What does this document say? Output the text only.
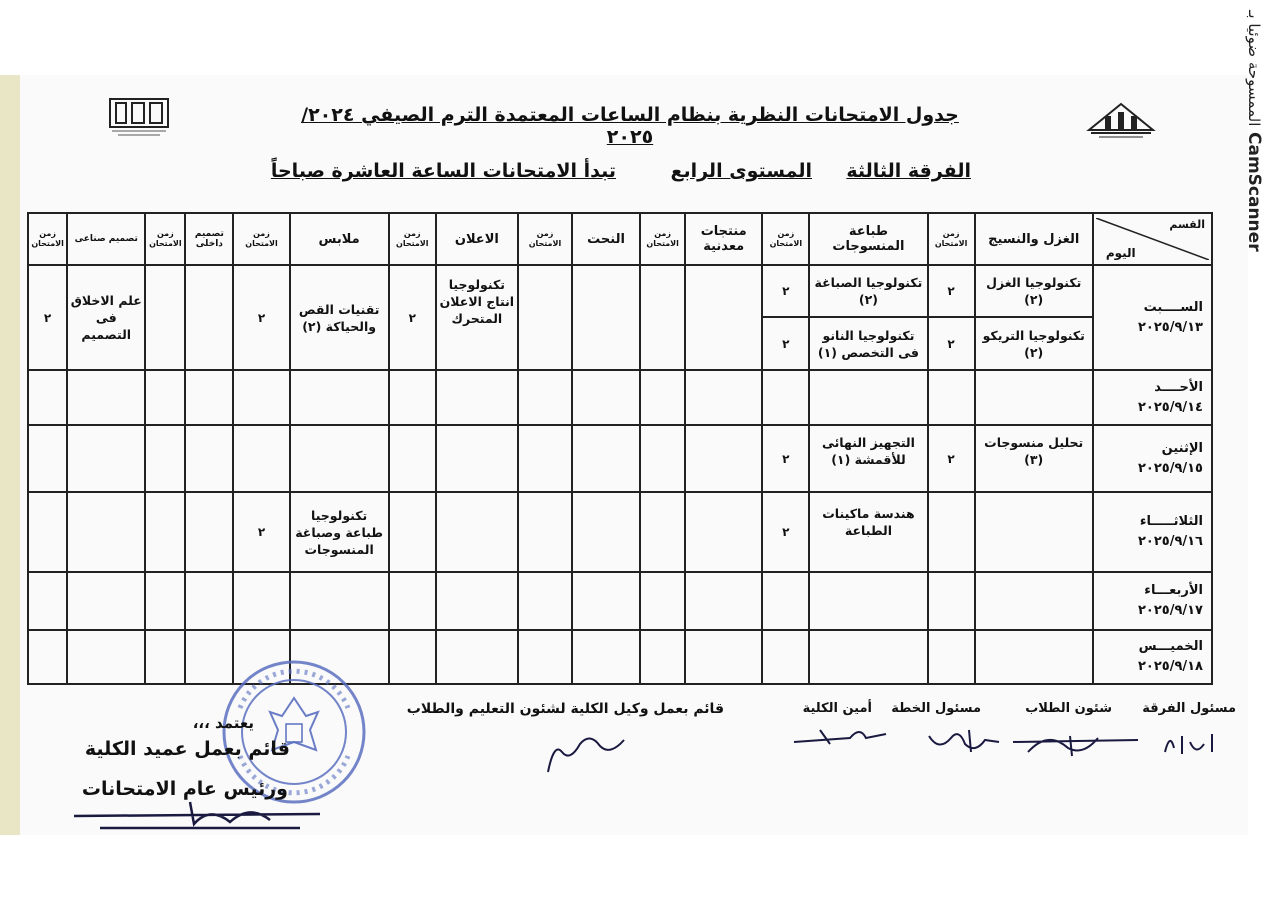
الممسوحة ضوئيا بـ
CamScanner
جدول الامتحانات النظرية بنظام الساعات المعتمدة الترم الصيفي ٢٠٢٤/ ٢٠٢٥
الفرقة الثالثة
المستوى الرابع
تبدأ الامتحانات الساعة العاشرة صباحاً
القسم
اليوم	الغزل والنسيج	زمن الامتحان	طباعة المنسوجات	زمن الامتحان	منتجات معدنية	زمن الامتحان	النحت	زمن الامتحان	الاعلان	زمن الامتحان	ملابس	زمن الامتحان	تصميم داخلى	زمن الامتحان	تصميم صناعى	زمن الامتحان

الســــبت
٢٠٢٥/٩/١٣	تكنولوجيا الغزل (٢)	٢	تكنولوجيا الصباغة (٢)	٢					تكنولوجيا انتاج الاعلان المتحرك	٢	تقنيات القص والحياكة (٢)	٢			علم الاخلاق فى التصميم	٢
	تكنولوجيا التريكو (٢)	٢	تكنولوجيا النانو فى التخصص (١)	٢												

الأحــــد
٢٠٢٥/٩/١٤																

الإثنين
٢٠٢٥/٩/١٥	تحليل منسوجات (٣)	٢	التجهيز النهائى للأقمشة (١)	٢												

الثلاثـــــاء
٢٠٢٥/٩/١٦			هندسة ماكينات الطباعة	٢							تكنولوجيا طباعة وصباغة المنسوجات	٢				

الأربعـــاء
٢٠٢٥/٩/١٧																

الخميـــس
٢٠٢٥/٩/١٨																

مسئول الفرقة
شئون الطلاب
مسئول الخطة
أمين الكلية
قائم بعمل وكيل الكلية لشئون التعليم والطلاب
يعتمد ،،،
قائم بعمل عميد الكلية
ورئيس عام الامتحانات
